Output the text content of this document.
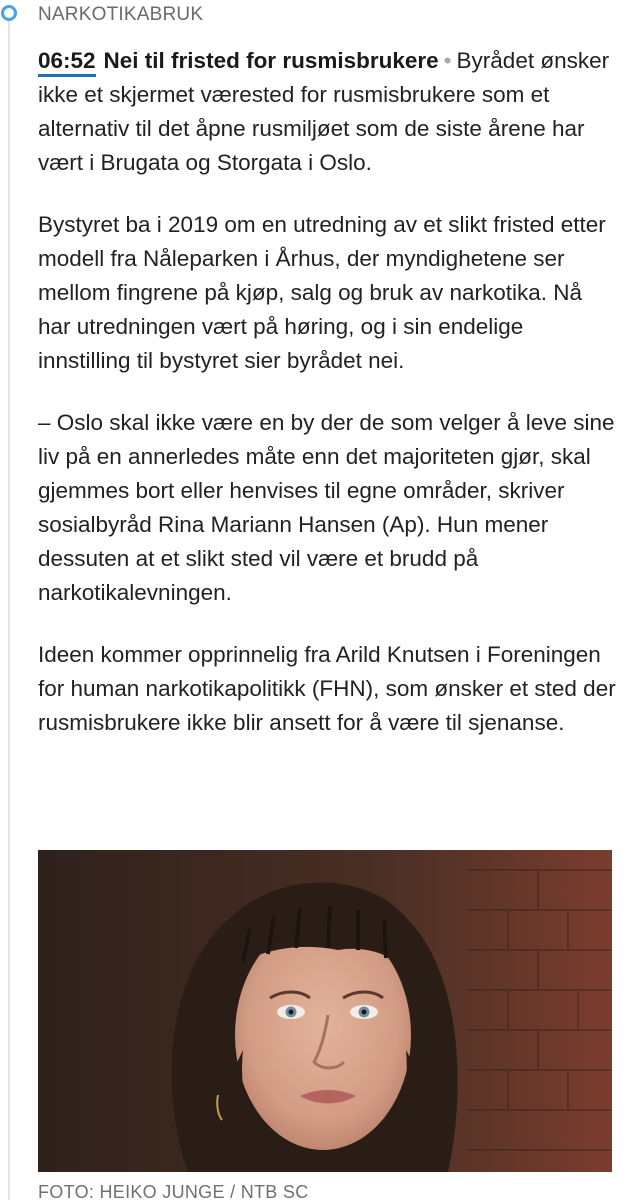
NARKOTIKABRUK

06:52 Nei til fristed for rusmisbrukere • Byrådet ønsker ikke et skjermet værested for rusmisbrukere som et alternativ til det åpne rusmiljøet som de siste årene har vært i Brugata og Storgata i Oslo.

Bystyret ba i 2019 om en utredning av et slikt fristed etter modell fra Nåleparken i Århus, der myndighetene ser mellom fingrene på kjøp, salg og bruk av narkotika. Nå har utredningen vært på høring, og i sin endelige innstilling til bystyret sier byrådet nei.

– Oslo skal ikke være en by der de som velger å leve sine liv på en annerledes måte enn det majoriteten gjør, skal gjemmes bort eller henvises til egne områder, skriver sosialbyråd Rina Mariann Hansen (Ap). Hun mener dessuten at et slikt sted vil være et brudd på narkotikalevningen.

Ideen kommer opprinnelig fra Arild Knutsen i Foreningen for human narkotikapolitikk (FHN), som ønsker et sted der rusmisbrukere ikke blir ansett for å være til sjenanse.

FOTO: HEIKO JUNGE / NTB SC
